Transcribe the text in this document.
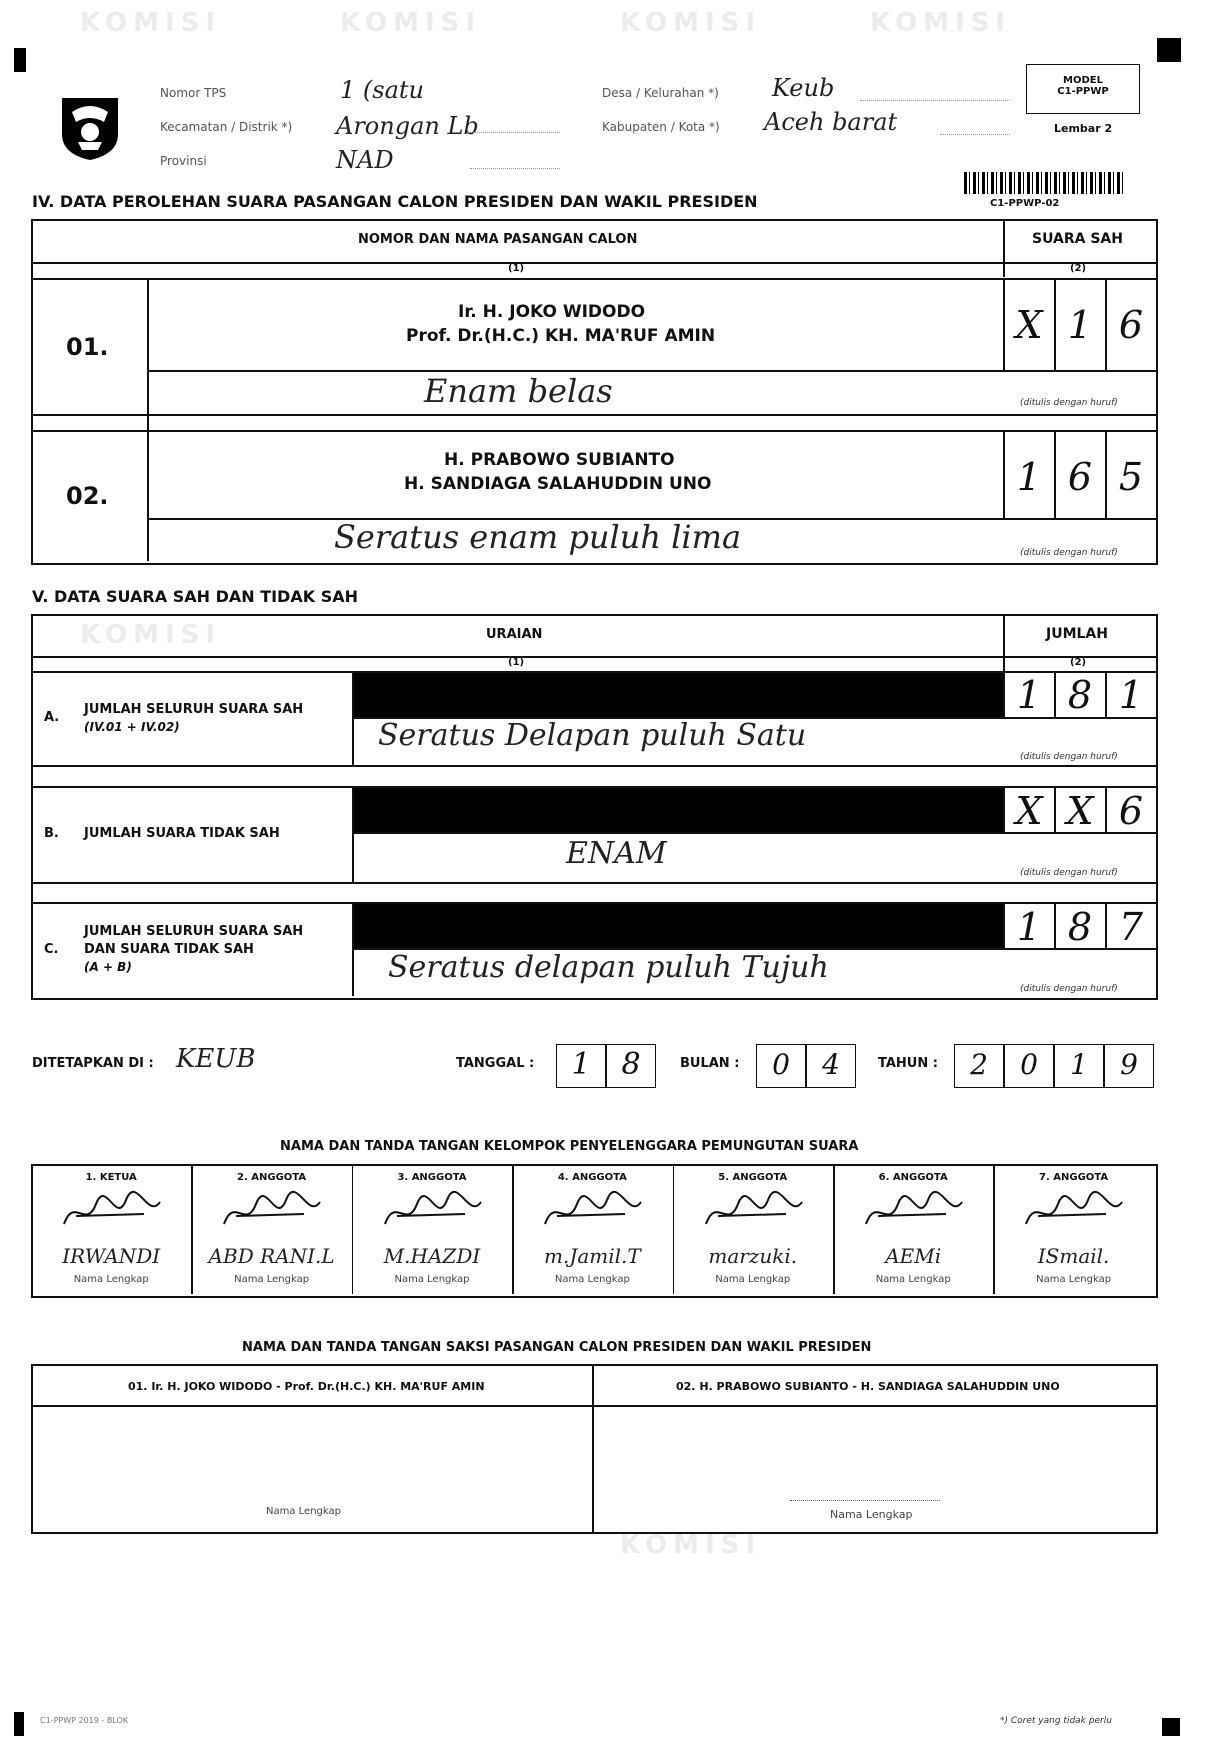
KOMISI	KOMISI	KOMISI	KOMISI
KOMISI
KOMISI
Nomor TPS	1 (satu
Kecamatan / Distrik *) Arongan Lb
Provinsi	NAD
Desa / Kelurahan *) Keub
Kabupaten / Kota *) Aceh barat
MODEL
C1-PPWP
Lembar 2
C1-PPWP-02
IV. DATA PEROLEHAN SUARA PASANGAN CALON PRESIDEN DAN WAKIL PRESIDEN
NOMOR DAN NAMA PASANGAN CALON	SUARA SAH
(1)	(2)
01.
Ir. H. JOKO WIDODO
Prof. Dr.(H.C.) KH. MA'RUF AMIN	X 1 6
Enam belas	(ditulis dengan huruf)
02.
H. PRABOWO SUBIANTO
H. SANDIAGA SALAHUDDIN UNO	1 6 5
Seratus enam puluh lima	(ditulis dengan huruf)
V. DATA SUARA SAH DAN TIDAK SAH
URAIAN	JUMLAH
(1)	(2)
A.
JUMLAH SELURUH SUARA SAH
(IV.01 + IV.02)
1 8 1
Seratus Delapan puluh Satu
(ditulis dengan huruf)
B. JUMLAH SUARA TIDAK SAH
X X 6
ENAM
(ditulis dengan huruf)
C.
JUMLAH SELURUH SUARA SAH
DAN SUARA TIDAK SAH
(A + B)
1 8 7
Seratus delapan puluh Tujuh
(ditulis dengan huruf)
DITETAPKAN DI : KEUB	TANGGAL :	1	8	BULAN :	0	4	TAHUN :	2	0	1	9
NAMA DAN TANDA TANGAN KELOMPOK PENYELENGGARA PEMUNGUTAN SUARA
1. KETUA
IRWANDI
Nama Lengkap
2. ANGGOTA
ABD RANI.L
Nama Lengkap
3. ANGGOTA
M.HAZDI
Nama Lengkap
4. ANGGOTA
m.Jamil.T
Nama Lengkap
5. ANGGOTA
marzuki.
Nama Lengkap
6. ANGGOTA
AEMi
Nama Lengkap
7. ANGGOTA
ISmail.
Nama Lengkap
NAMA DAN TANDA TANGAN SAKSI PASANGAN CALON PRESIDEN DAN WAKIL PRESIDEN
01. Ir. H. JOKO WIDODO - Prof. Dr.(H.C.) KH. MA'RUF AMIN	02. H. PRABOWO SUBIANTO - H. SANDIAGA SALAHUDDIN UNO
Nama Lengkap	Nama Lengkap
C1-PPWP 2019 - BLOK	*) Coret yang tidak perlu
